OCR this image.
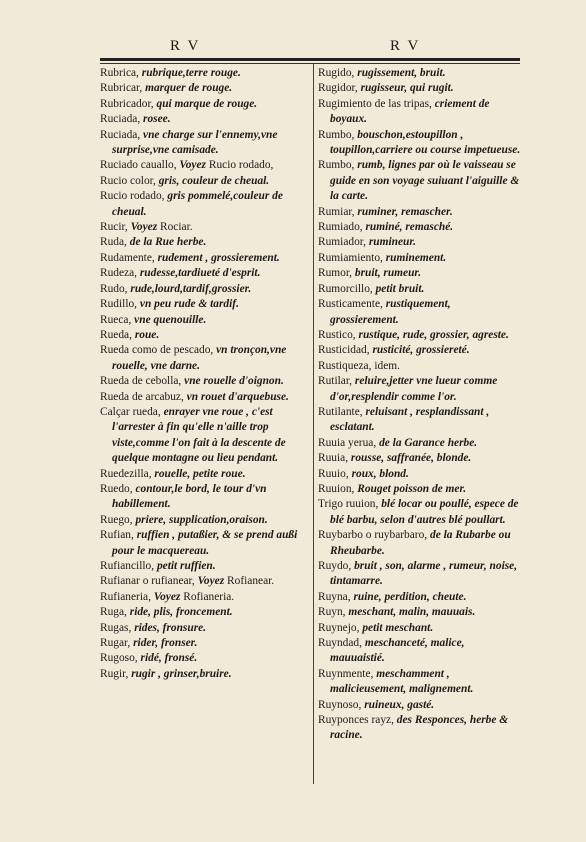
R V	R V

Rubrica, rubrique,terre rouge.

Rubricar, marquer de rouge.

Rubricador, qui marque de rouge.

Ruciada, rosee.

Ruciada, vne charge sur l'ennemy,vne surprise,vne camisade.

Ruciado cauallo, Voyez Rucio rodado,

Rucio color, gris, couleur de cheual.

Rucio rodado, gris pommelé,couleur de cheual.

Rucir, Voyez Rociar.

Ruda, de la Rue herbe.

Rudamente, rudement , grossierement.

Rudeza, rudesse,tardiueté d'esprit.

Rudo, rude,lourd,tardif,grossier.

Rudillo, vn peu rude & tardif.

Rueca, vne quenouille.

Rueda, roue.

Rueda como de pescado, vn tronçon,vne rouelle, vne darne.

Rueda de cebolla, vne rouelle d'oignon.

Rueda de arcabuz, vn rouet d'arquebuse.

Calçar rueda, enrayer vne roue , c'est l'arrester à fin qu'elle n'aille trop viste,comme l'on fait à la descente de quelque montagne ou lieu pendant.

Ruedezilla, rouelle, petite roue.

Ruedo, contour,le bord, le tour d'vn habillement.

Ruego, priere, supplication,oraison.

Rufian, ruffien , putaßier, & se prend außi pour le macquereau.

Rufiancillo, petit ruffien.

Rufianar o rufianear, Voyez Rofianear.

Rufianeria, Voyez Rofianeria.

Ruga, ride, plis, froncement.

Rugas, rides, fronsure.

Rugar, rider, fronser.

Rugoso, ridé, fronsé.

Rugir, rugir , grinser,bruire.

Rugido, rugissement, bruit.

Rugidor, rugisseur, qui rugit.

Rugimiento de las tripas, criement de boyaux.

Rumbo, bouschon,estoupillon , toupillon,carriere ou course impetueuse.

Rumbo, rumb, lignes par où le vaisseau se guide en son voyage suiuant l'aiguille & la carte.

Rumiar, ruminer, remascher.

Rumiado, ruminé, remasché.

Rumiador, rumineur.

Rumiamiento, ruminement.

Rumor, bruit, rumeur.

Rumorcillo, petit bruit.

Rusticamente, rustiquement, grossierement.

Rustico, rustique, rude, grossier, agreste.

Rusticidad, rusticité, grossiereté.

Rustiqueza, idem.

Rutilar, reluire,jetter vne lueur comme d'or,resplendir comme l'or.

Rutilante, reluisant , resplandissant , esclatant.

Ruuia yerua, de la Garance herbe.

Ruuia, rousse, saffranée, blonde.

Ruuio, roux, blond.

Ruuion, Rouget poisson de mer.

Trigo ruuion, blé locar ou poullé, espece de blé barbu, selon d'autres blé poullart.

Ruybarbo o ruybarbaro, de la Rubarbe ou Rheubarbe.

Ruydo, bruit , son, alarme , rumeur, noise, tintamarre.

Ruyna, ruine, perdition, cheute.

Ruyn, meschant, malin, mauuais.

Ruynejo, petit meschant.

Ruyndad, meschanceté, malice, mauuaistié.

Ruynmente, meschamment , malicieusement, malignement.

Ruynoso, ruineux, gasté.

Ruyponces rayz, des Responces, herbe & racine.
